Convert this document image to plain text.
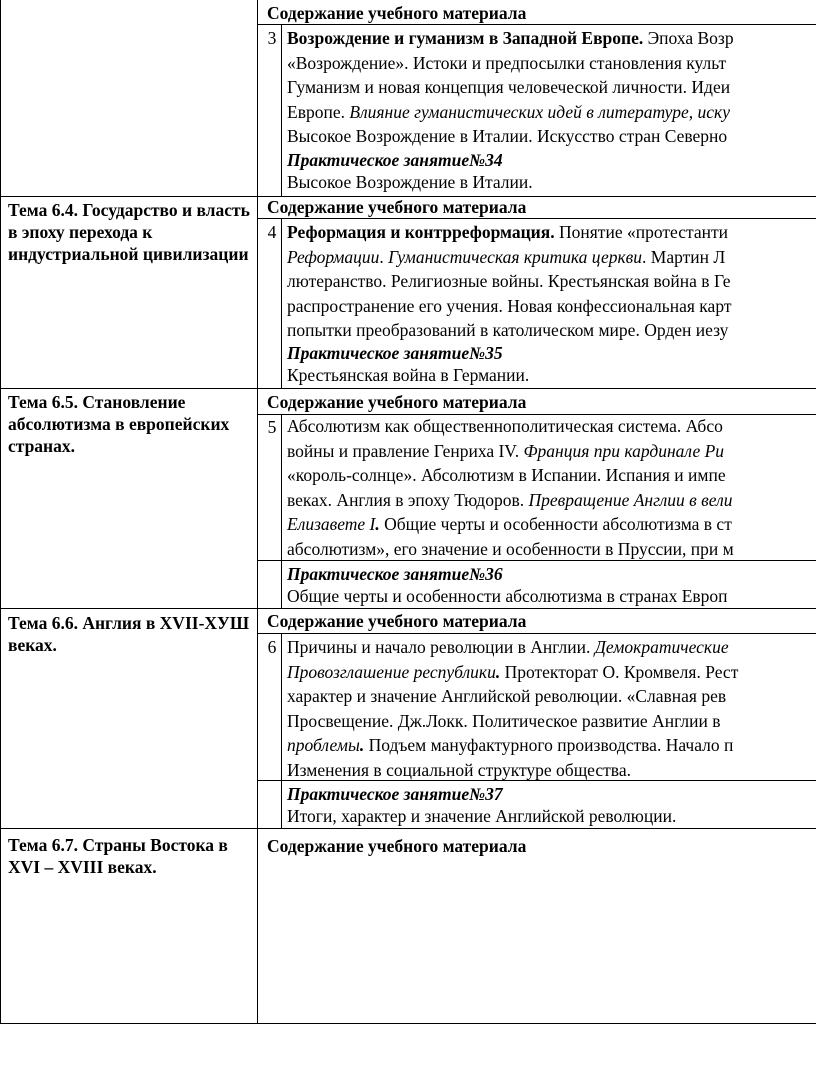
Содержание учебного материала
3 Возрождение и гуманизм в Западной Европе. Эпоха Возр
«Возрождение». Истоки и предпосылки становления культ
Гуманизм и новая концепция человеческой личности. Идеи
Европе. Влияние гуманистических идей в литературе, иску
Высокое Возрождение в Италии. Искусство стран Северно
Практическое занятие№34
Высокое Возрождение в Италии.
Тема 6.4. Государство и власть в эпоху перехода к индустриальной цивилизации
Содержание учебного материала
4 Реформация и контрреформация. Понятие «протестанти
Реформации. Гуманистическая критика церкви. Мартин Л
лютеранство. Религиозные войны. Крестьянская война в Ге
распространение его учения. Новая конфессиональная карт
попытки преобразований в католическом мире. Орден иезу
Практическое занятие№35
Крестьянская война в Германии.
Тема 6.5. Становление абсолютизма в европейских странах.
Содержание учебного материала
5 Абсолютизм как общественнополитическая система. Абсо
войны и правление Генриха IV. Франция при кардинале Ри
«король-солнце». Абсолютизм в Испании. Испания и импе
веках. Англия в эпоху Тюдоров. Превращение Англии в вели
Елизавете I. Общие черты и особенности абсолютизма в ст
абсолютизм», его значение и особенности в Пруссии, при м
Практическое занятие№36
Общие черты и особенности абсолютизма в странах Европ
Тема 6.6. Англия в XVII-ХУШ веках.
Содержание учебного материала
6 Причины и начало революции в Англии. Демократические
Провозглашение республики. Протекторат О. Кромвеля. Рест
характер и значение Английской революции. «Славная рев
Просвещение. Дж.Локк. Политическое развитие Англии в
проблемы. Подъем мануфактурного производства. Начало п
Изменения в социальной структуре общества.
Практическое занятие№37
Итоги, характер и значение Английской революции.
Тема 6.7. Страны Востока в XVI – XVIII веках.
Содержание учебного материала
